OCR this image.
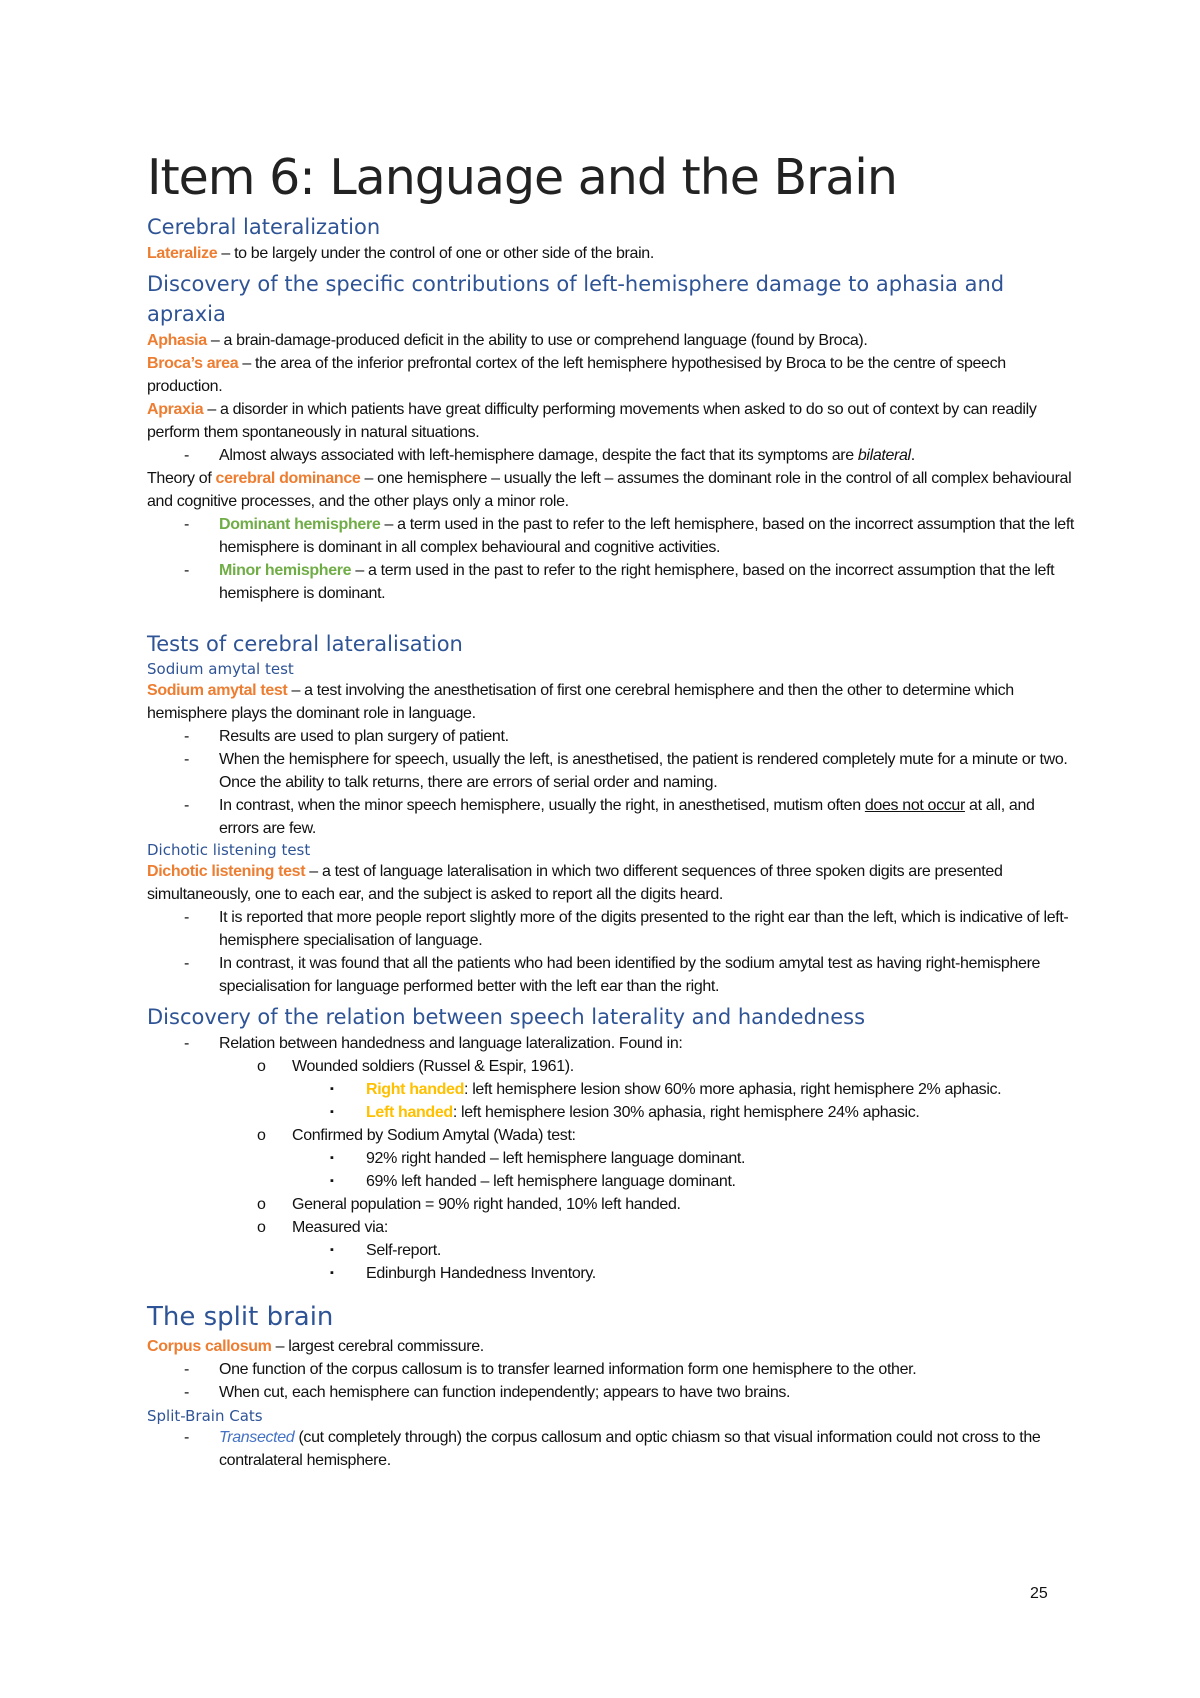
Item 6: Language and the Brain
Cerebral lateralization
Lateralize – to be largely under the control of one or other side of the brain.
Discovery of the specific contributions of left-hemisphere damage to aphasia and apraxia
Aphasia – a brain-damage-produced deficit in the ability to use or comprehend language (found by Broca).
Broca’s area – the area of the inferior prefrontal cortex of the left hemisphere hypothesised by Broca to be the centre of speech production.
Apraxia – a disorder in which patients have great difficulty performing movements when asked to do so out of context by can readily perform them spontaneously in natural situations.
- Almost always associated with left-hemisphere damage, despite the fact that its symptoms are bilateral.
Theory of cerebral dominance – one hemisphere – usually the left – assumes the dominant role in the control of all complex behavioural and cognitive processes, and the other plays only a minor role.
- Dominant hemisphere – a term used in the past to refer to the left hemisphere, based on the incorrect assumption that the left hemisphere is dominant in all complex behavioural and cognitive activities.
- Minor hemisphere – a term used in the past to refer to the right hemisphere, based on the incorrect assumption that the left hemisphere is dominant.
Tests of cerebral lateralisation
Sodium amytal test
Sodium amytal test – a test involving the anesthetisation of first one cerebral hemisphere and then the other to determine which hemisphere plays the dominant role in language.
- Results are used to plan surgery of patient.
- When the hemisphere for speech, usually the left, is anesthetised, the patient is rendered completely mute for a minute or two. Once the ability to talk returns, there are errors of serial order and naming.
- In contrast, when the minor speech hemisphere, usually the right, in anesthetised, mutism often does not occur at all, and errors are few.
Dichotic listening test
Dichotic listening test – a test of language lateralisation in which two different sequences of three spoken digits are presented simultaneously, one to each ear, and the subject is asked to report all the digits heard.
- It is reported that more people report slightly more of the digits presented to the right ear than the left, which is indicative of left-hemisphere specialisation of language.
- In contrast, it was found that all the patients who had been identified by the sodium amytal test as having right-hemisphere specialisation for language performed better with the left ear than the right.
Discovery of the relation between speech laterality and handedness
- Relation between handedness and language lateralization. Found in:
o Wounded soldiers (Russel & Espir, 1961).
▪ Right handed: left hemisphere lesion show 60% more aphasia, right hemisphere 2% aphasic.
▪ Left handed: left hemisphere lesion 30% aphasia, right hemisphere 24% aphasic.
o Confirmed by Sodium Amytal (Wada) test:
▪ 92% right handed – left hemisphere language dominant.
▪ 69% left handed – left hemisphere language dominant.
o General population = 90% right handed, 10% left handed.
o Measured via:
▪ Self-report.
▪ Edinburgh Handedness Inventory.
The split brain
Corpus callosum – largest cerebral commissure.
- One function of the corpus callosum is to transfer learned information form one hemisphere to the other.
- When cut, each hemisphere can function independently; appears to have two brains.
Split-Brain Cats
- Transected (cut completely through) the corpus callosum and optic chiasm so that visual information could not cross to the contralateral hemisphere.
25
